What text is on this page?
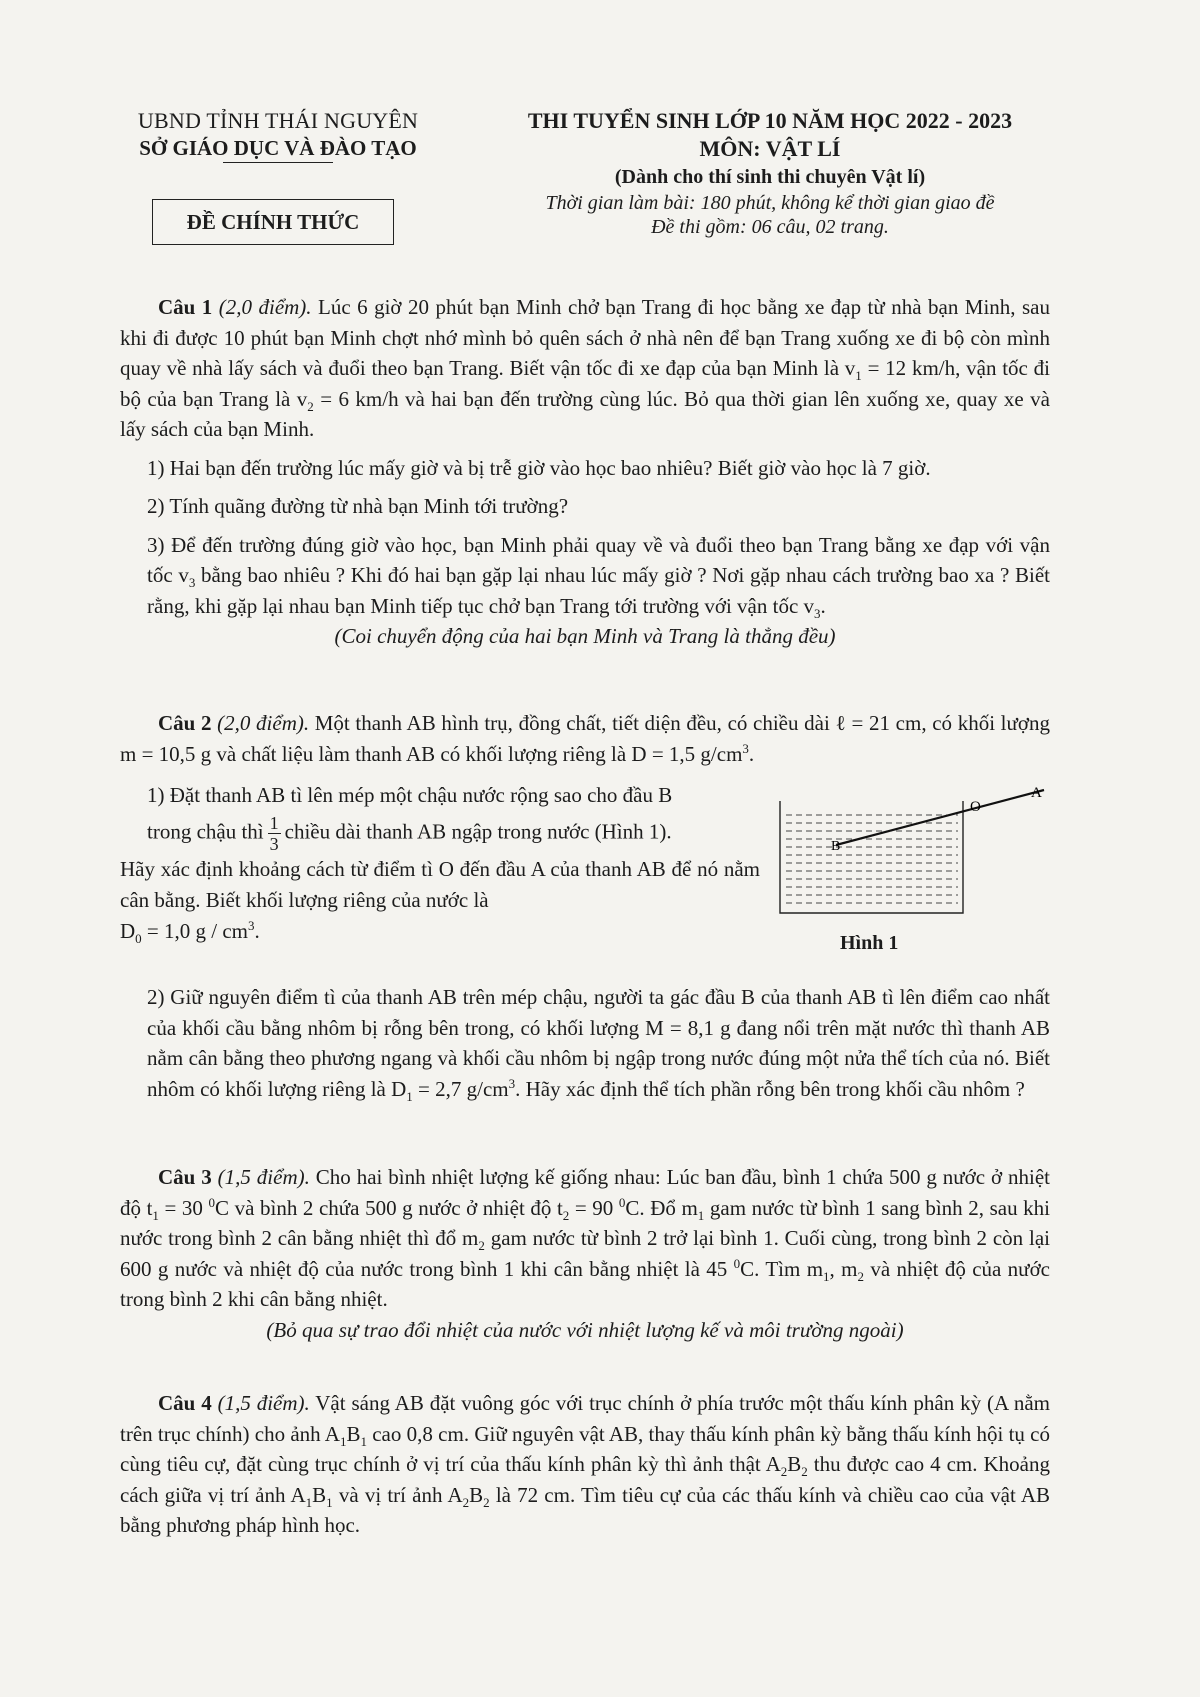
UBND TỈNH THÁI NGUYÊN
SỞ GIÁO DỤC VÀ ĐÀO TẠO
ĐỀ CHÍNH THỨC
THI TUYỂN SINH LỚP 10 NĂM HỌC 2022 - 2023
MÔN: VẬT LÍ
(Dành cho thí sinh thi chuyên Vật lí)
Thời gian làm bài: 180 phút, không kể thời gian giao đề
Đề thi gồm: 06 câu, 02 trang.
Câu 1 (2,0 điểm). Lúc 6 giờ 20 phút bạn Minh chở bạn Trang đi học bằng xe đạp từ nhà bạn Minh, sau khi đi được 10 phút bạn Minh chợt nhớ mình bỏ quên sách ở nhà nên để bạn Trang xuống xe đi bộ còn mình quay về nhà lấy sách và đuổi theo bạn Trang. Biết vận tốc đi xe đạp của bạn Minh là $v_1 = 12$ km/h, vận tốc đi bộ của bạn Trang là $v_2 = 6$ km/h và hai bạn đến trường cùng lúc. Bỏ qua thời gian lên xuống xe, quay xe và lấy sách của bạn Minh.
1) Hai bạn đến trường lúc mấy giờ và bị trễ giờ vào học bao nhiêu? Biết giờ vào học là 7 giờ.
2) Tính quãng đường từ nhà bạn Minh tới trường?
3) Để đến trường đúng giờ vào học, bạn Minh phải quay về và đuổi theo bạn Trang bằng xe đạp với vận tốc $v_3$ bằng bao nhiêu ? Khi đó hai bạn gặp lại nhau lúc mấy giờ ? Nơi gặp nhau cách trường bao xa ? Biết rằng, khi gặp lại nhau bạn Minh tiếp tục chở bạn Trang tới trường với vận tốc $v_3$.
(Coi chuyển động của hai bạn Minh và Trang là thẳng đều)
Câu 2 (2,0 điểm). Một thanh AB hình trụ, đồng chất, tiết diện đều, có chiều dài ℓ = 21 cm, có khối lượng m = 10,5 g và chất liệu làm thanh AB có khối lượng riêng là D = 1,5 $g/cm^3$.
1) Đặt thanh AB tì lên mép một chậu nước rộng sao cho đầu B
trong chậu thì $\frac{1}{3}$ chiều dài thanh AB ngập trong nước (Hình 1).
Hãy xác định khoảng cách từ điểm tì O đến đầu A của thanh AB để nó nằm cân bằng. Biết khối lượng riêng của nước là
$D_0 = 1,0$ g / $cm^3$.
A
O
B
Hình 1
2) Giữ nguyên điểm tì của thanh AB trên mép chậu, người ta gác đầu B của thanh AB tì lên điểm cao nhất của khối cầu bằng nhôm bị rỗng bên trong, có khối lượng M = 8,1 g đang nổi trên mặt nước thì thanh AB nằm cân bằng theo phương ngang và khối cầu nhôm bị ngập trong nước đúng một nửa thể tích của nó. Biết nhôm có khối lượng riêng là $D_1 = 2,7$ $g/cm^3$. Hãy xác định thể tích phần rỗng bên trong khối cầu nhôm ?
Câu 3 (1,5 điểm). Cho hai bình nhiệt lượng kế giống nhau: Lúc ban đầu, bình 1 chứa 500 g nước ở nhiệt độ $t_1 = 30$ $^0$C và bình 2 chứa 500 g nước ở nhiệt độ $t_2 = 90$ $^0$C. Đổ $m_1$ gam nước từ bình 1 sang bình 2, sau khi nước trong bình 2 cân bằng nhiệt thì đổ $m_2$ gam nước từ bình 2 trở lại bình 1. Cuối cùng, trong bình 2 còn lại 600 g nước và nhiệt độ của nước trong bình 1 khi cân bằng nhiệt là 45 $^0$C. Tìm $m_1$, $m_2$ và nhiệt độ của nước trong bình 2 khi cân bằng nhiệt.
(Bỏ qua sự trao đổi nhiệt của nước với nhiệt lượng kế và môi trường ngoài)
Câu 4 (1,5 điểm). Vật sáng AB đặt vuông góc với trục chính ở phía trước một thấu kính phân kỳ (A nằm trên trục chính) cho ảnh $A_1B_1$ cao 0,8 cm. Giữ nguyên vật AB, thay thấu kính phân kỳ bằng thấu kính hội tụ có cùng tiêu cự, đặt cùng trục chính ở vị trí của thấu kính phân kỳ thì ảnh thật $A_2B_2$ thu được cao 4 cm. Khoảng cách giữa vị trí ảnh $A_1B_1$ và vị trí ảnh $A_2B_2$ là 72 cm. Tìm tiêu cự của các thấu kính và chiều cao của vật AB bằng phương pháp hình học.
